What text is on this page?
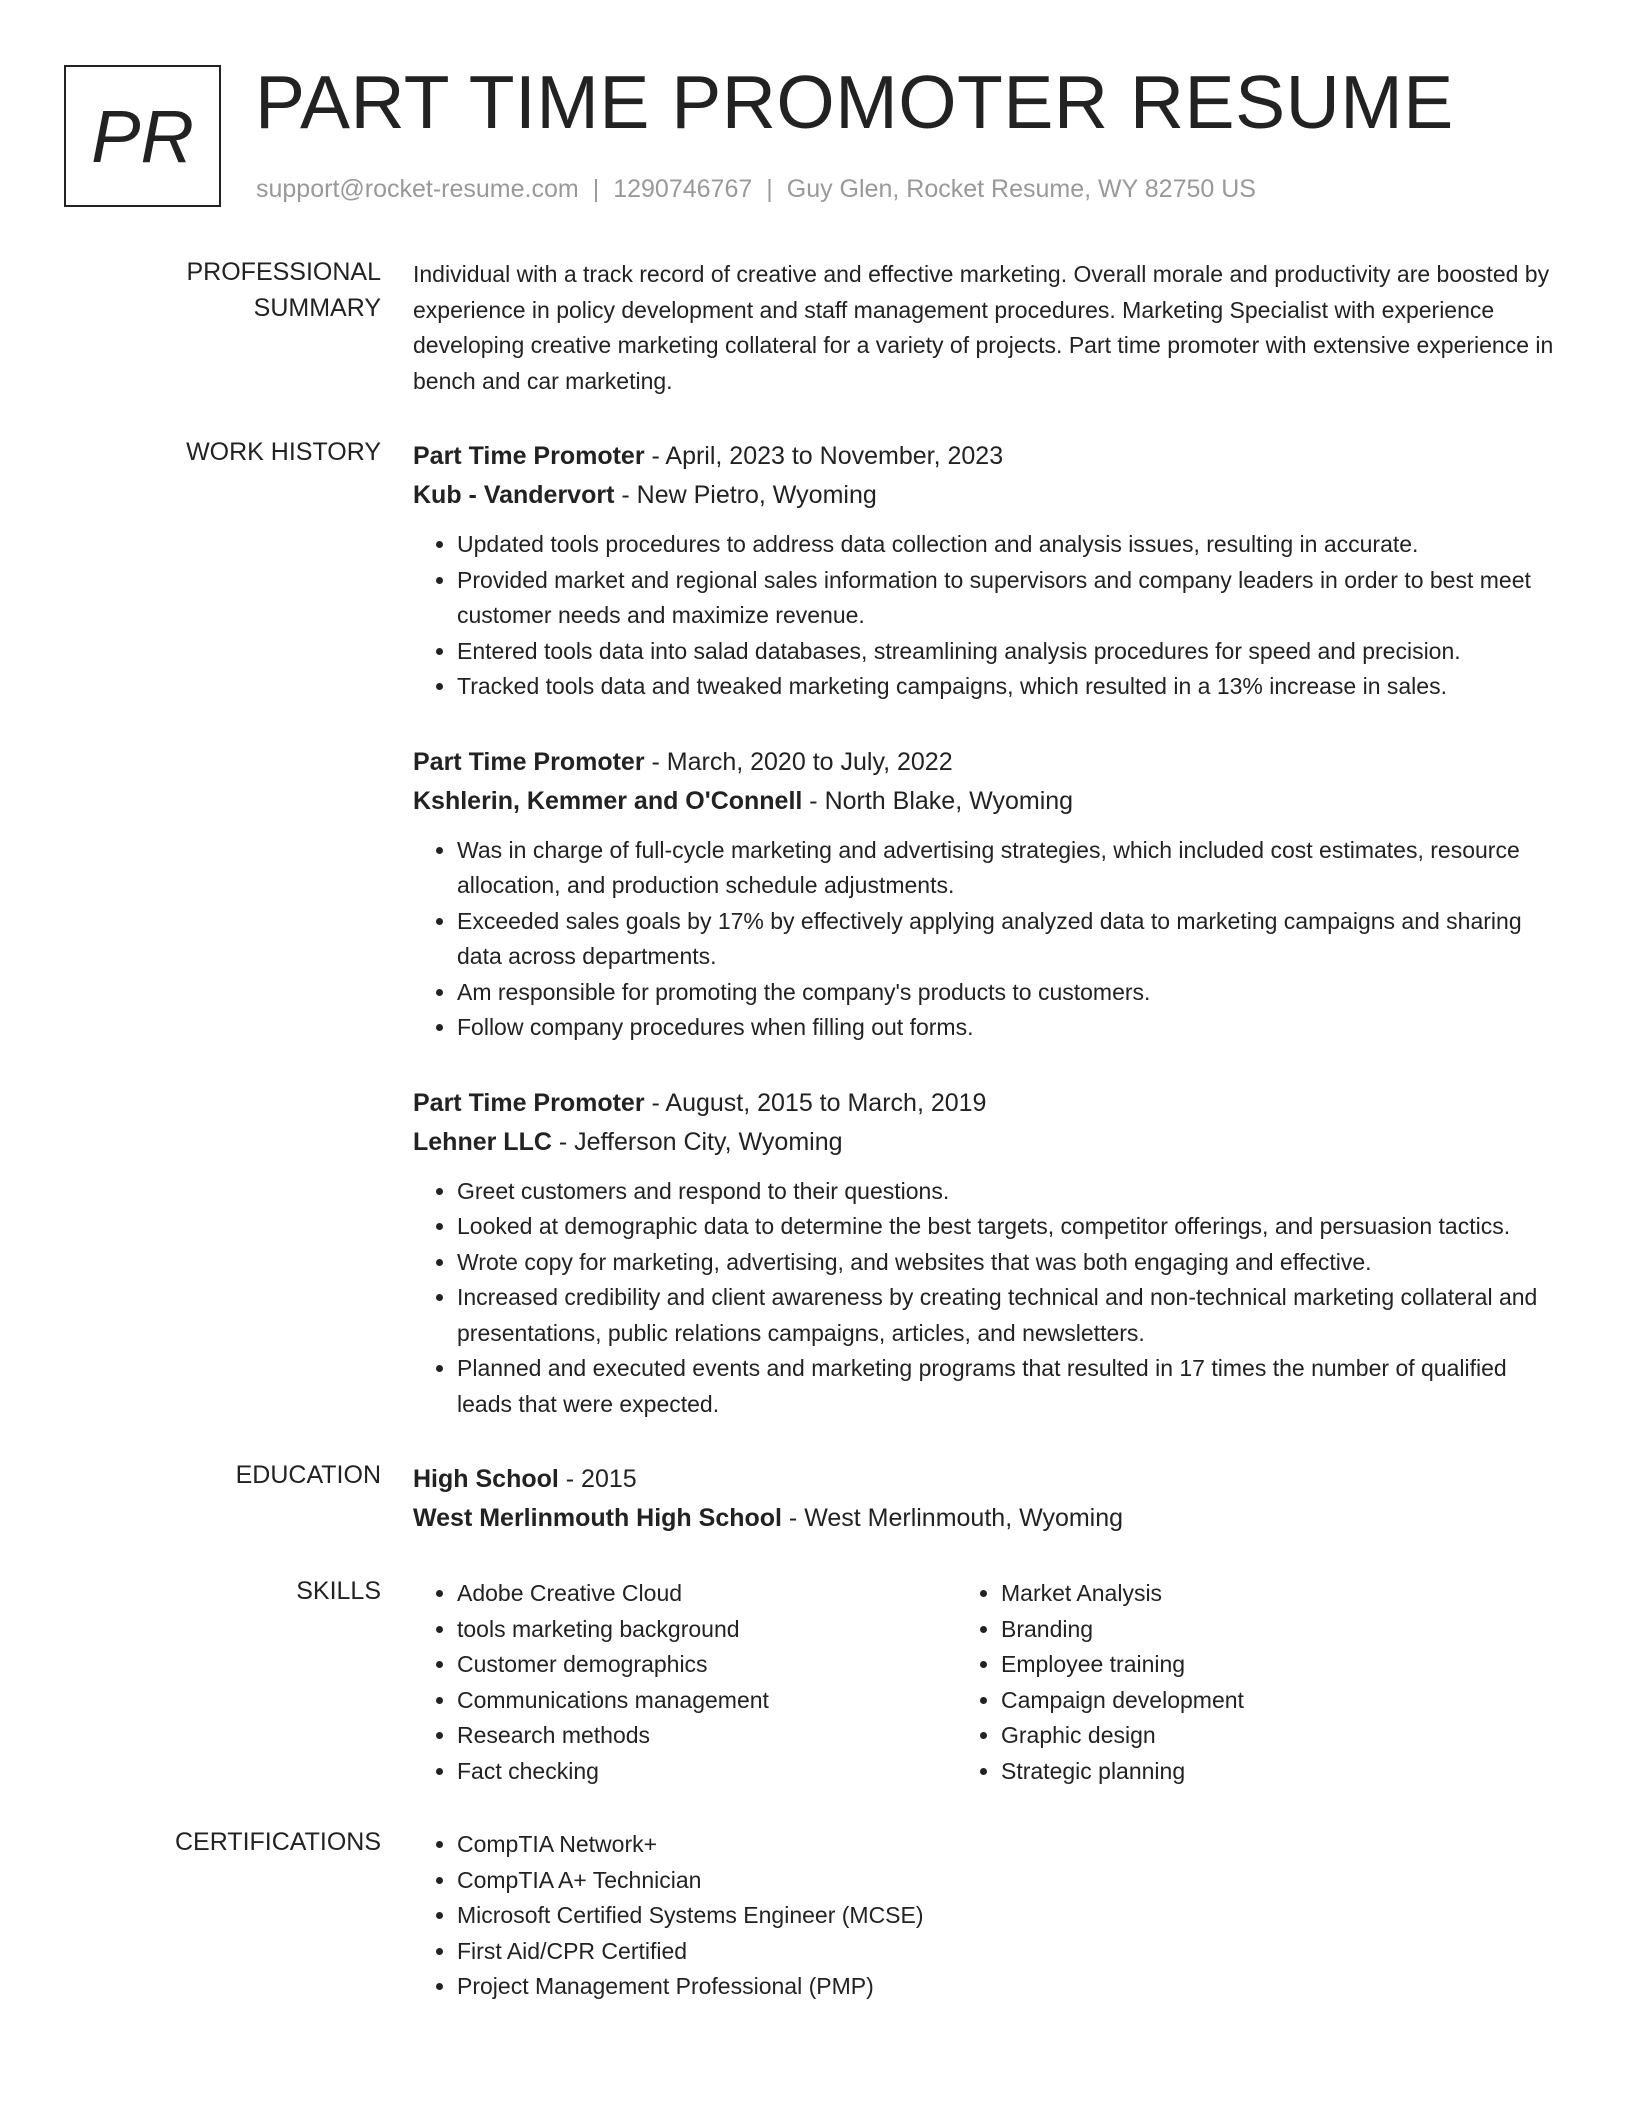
PR PART TIME PROMOTER RESUME
support@rocket-resume.com | 1290746767 | Guy Glen, Rocket Resume, WY 82750 US
PROFESSIONAL SUMMARY

Individual with a track record of creative and effective marketing. Overall morale and productivity are boosted by experience in policy development and staff management procedures. Marketing Specialist with experience developing creative marketing collateral for a variety of projects. Part time promoter with extensive experience in bench and car marketing.

WORK HISTORY	Part Time Promoter - April, 2023 to November, 2023

Kub - Vandervort - New Pietro, Wyoming

• Updated tools procedures to address data collection and analysis issues, resulting in accurate.
• Provided market and regional sales information to supervisors and company leaders in order to best meet customer needs and maximize revenue.
• Entered tools data into salad databases, streamlining analysis procedures for speed and precision.
• Tracked tools data and tweaked marketing campaigns, which resulted in a 13% increase in sales.

Part Time Promoter - March, 2020 to July, 2022

Kshlerin, Kemmer and O'Connell - North Blake, Wyoming

• Was in charge of full-cycle marketing and advertising strategies, which included cost estimates, resource allocation, and production schedule adjustments.
• Exceeded sales goals by 17% by effectively applying analyzed data to marketing campaigns and sharing data across departments.
• Am responsible for promoting the company's products to customers.
• Follow company procedures when filling out forms.

Part Time Promoter - August, 2015 to March, 2019

Lehner LLC - Jefferson City, Wyoming

• Greet customers and respond to their questions.
• Looked at demographic data to determine the best targets, competitor offerings, and persuasion tactics.
• Wrote copy for marketing, advertising, and websites that was both engaging and effective.
• Increased credibility and client awareness by creating technical and non-technical marketing collateral and presentations, public relations campaigns, articles, and newsletters.
• Planned and executed events and marketing programs that resulted in 17 times the number of qualified leads that were expected.
EDUCATION	High School - 2015

West Merlinmouth High School - West Merlinmouth, Wyoming

SKILLS	• Adobe Creative Cloud
• tools marketing background
• Customer demographics
• Communications management
• Research methods
• Fact checking
• Market Analysis
• Branding
• Employee training
• Campaign development
• Graphic design
• Strategic planning
CERTIFICATIONS	• CompTIA Network+
• CompTIA A+ Technician
• Microsoft Certified Systems Engineer (MCSE)
• First Aid/CPR Certified
• Project Management Professional (PMP)
